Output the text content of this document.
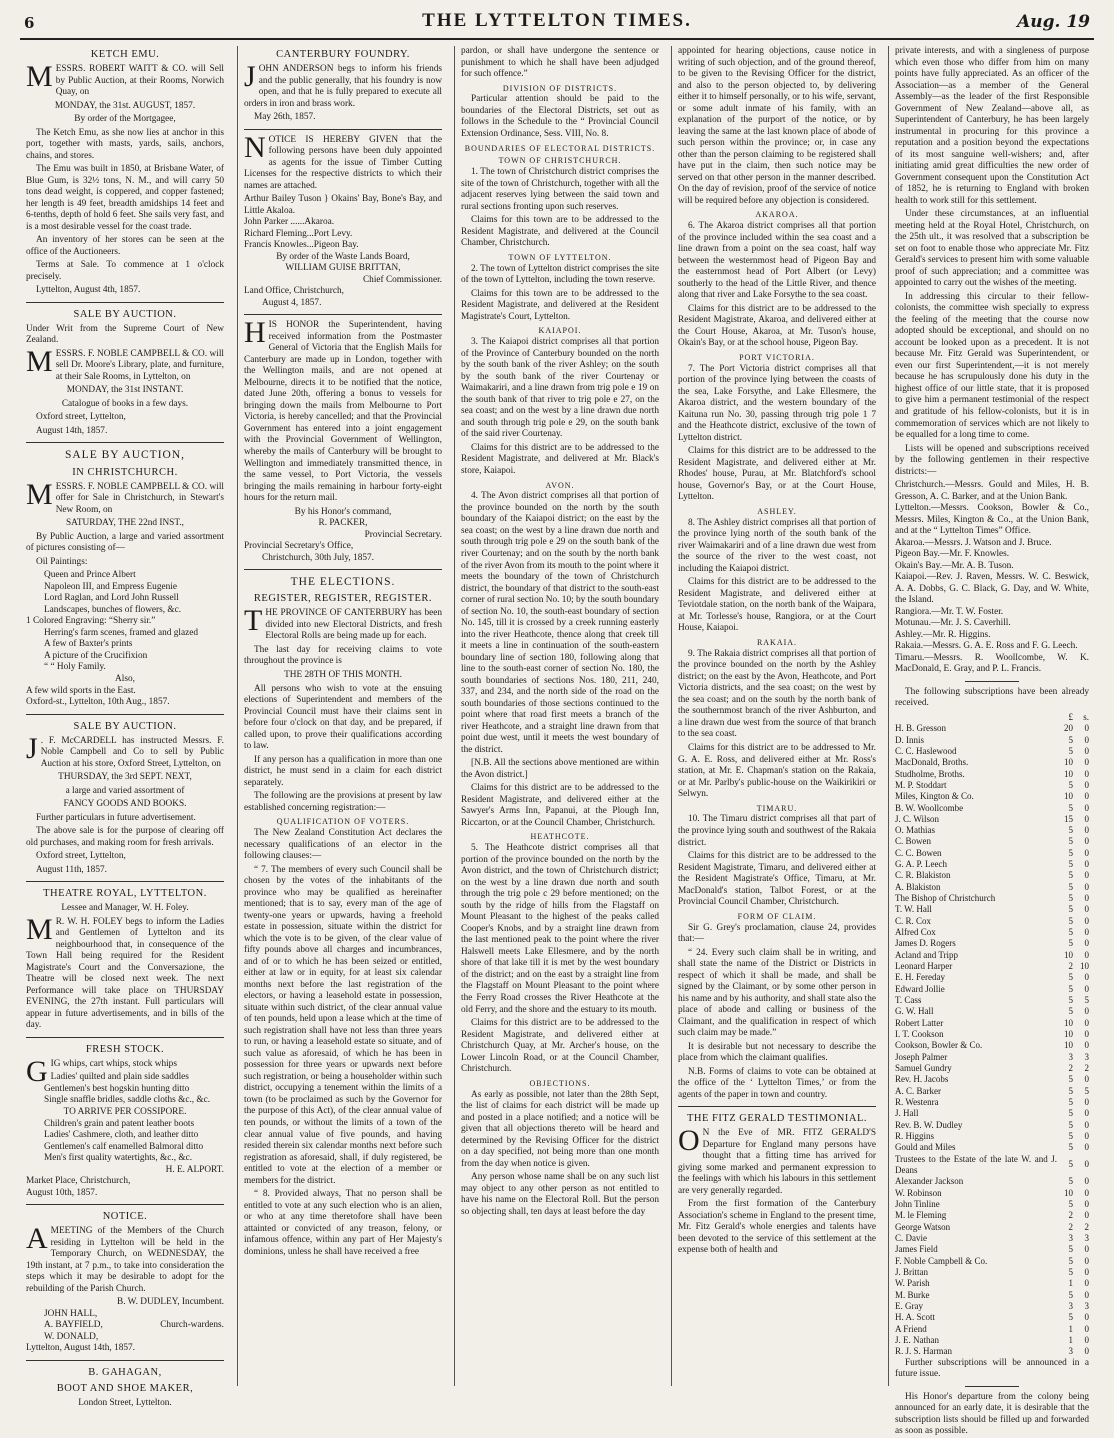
6	THE LYTTELTON TIMES.	Aug. 19
KETCH EMU.

MESSRS. ROBERT WAITT & CO. will Sell by Public Auction, at their Rooms, Norwich Quay, on

MONDAY, the 31st. AUGUST, 1857.

By order of the Mortgagee,

The Ketch Emu, as she now lies at anchor in this port, together with masts, yards, sails, anchors, chains, and stores.

The Emu was built in 1850, at Brisbane Water, of Blue Gum, is 32½ tons, N. M., and will carry 50 tons dead weight, is coppered, and copper fastened; her length is 49 feet, breadth amidships 14 feet and 6-tenths, depth of hold 6 feet. She sails very fast, and is a most desirable vessel for the coast trade.

An inventory of her stores can be seen at the office of the Auctioneers.

Terms at Sale. To commence at 1 o'clock precisely.

Lyttelton, August 4th, 1857.

SALE BY AUCTION.

Under Writ from the Supreme Court of New Zealand.

MESSRS. F. NOBLE CAMPBELL & CO. will sell Dr. Moore's Library, plate, and furniture, at their Sale Rooms, in Lyttelton, on

MONDAY, the 31st INSTANT.

Catalogue of books in a few days.

Oxford street, Lyttelton,

August 14th, 1857.

SALE BY AUCTION,
IN CHRISTCHURCH.

MESSRS. F. NOBLE CAMPBELL & CO. will offer for Sale in Christchurch, in Stewart's New Room, on

SATURDAY, THE 22nd INST.,

By Public Auction, a large and varied assortment of pictures consisting of—

Oil Paintings:

Queen and Prince Albert

Napoleon III, and Empress Eugenie

Lord Raglan, and Lord John Russell

Landscapes, bunches of flowers, &c.

1 Colored Engraving: “Sherry sir.”

Herring's farm scenes, framed and glazed

A few of Baxter's prints

A picture of the Crucifixion

“ “ Holy Family.

Also,

A few wild sports in the East.

Oxford-st., Lyttelton, 10th Aug., 1857.

SALE BY AUCTION.

J . F. McCARDELL has instructed Messrs. F. Noble Campbell and Co to sell by Public Auction at his store, Oxford Street, Lyttelton, on

THURSDAY, the 3rd SEPT. NEXT,

a large and varied assortment of

FANCY GOODS AND BOOKS.

Further particulars in future advertisement.

The above sale is for the purpose of clearing off old purchases, and making room for fresh arrivals.

Oxford street, Lyttelton,

August 11th, 1857.

THEATRE ROYAL, LYTTELTON.

Lessee and Manager, W. H. Foley.

M R. W. H. FOLEY begs to inform the Ladies and Gentlemen of Lyttelton and its neighbourhood that, in consequence of the Town Hall being required for the Resident Magistrate's Court and the Conversazione, the Theatre will be closed next week. The next Performance will take place on THURSDAY EVENING, the 27th instant. Full particulars will appear in future advertisements, and in bills of the day.

FRESH STOCK.

GIG whips, cart whips, stock whips

Ladies' quilted and plain side saddles

Gentlemen's best hogskin hunting ditto

Single snaffle bridles, saddle cloths &c., &c.

TO ARRIVE PER COSSIPORE.

Children's grain and patent leather boots

Ladies' Cashmere, cloth, and leather ditto

Gentlemen's calf enamelled Balmoral ditto

Men's first quality watertights, &c., &c.

H. E. ALPORT.

Market Place, Christchurch,

August 10th, 1857.

NOTICE.

A MEETING of the Members of the Church residing in Lyttelton will be held in the Temporary Church, on WEDNESDAY, the 19th instant, at 7 p.m., to take into consideration the steps which it may be desirable to adopt for the rebuilding of the Parish Church.

B. W. DUDLEY, Incumbent.

JOHN HALL,

A. BAYFIELD,	Church-wardens.

W. DONALD,

Lyttelton, August 14th, 1857.

B. GAHAGAN,
BOOT AND SHOE MAKER,

London Street, Lyttelton.

CANTERBURY FOUNDRY.

JOHN ANDERSON begs to inform his friends and the public generally, that his foundry is now open, and that he is fully prepared to execute all orders in iron and brass work.

May 26th, 1857.

NOTICE IS HEREBY GIVEN that the following persons have been duly appointed as agents for the issue of Timber Cutting Licenses for the respective districts to which their names are attached.

Arthur Bailey Tuson } Okains' Bay, Bone's Bay, and Little Akaloa.

John Parker ......Akaroa.

Richard Fleming...Port Levy.

Francis Knowles...Pigeon Bay.

By order of the Waste Lands Board,

WILLIAM GUISE BRITTAN,

Chief Commissioner.

Land Office, Christchurch,

August 4, 1857.

HIS HONOR the Superintendent, having received information from the Postmaster General of Victoria that the English Mails for Canterbury are made up in London, together with the Wellington mails, and are not opened at Melbourne, directs it to be notified that the notice, dated June 20th, offering a bonus to vessels for bringing down the mails from Melbourne to Port Victoria, is hereby cancelled; and that the Provincial Government has entered into a joint engagement with the Provincial Government of Wellington, whereby the mails of Canterbury will be brought to Wellington and immediately transmitted thence, in the same vessel, to Port Victoria, the vessels bringing the mails remaining in harbour forty-eight hours for the return mail.

By his Honor's command,

R. PACKER,

Provincial Secretary.

Provincial Secretary's Office,

Christchurch, 30th July, 1857.

THE ELECTIONS.
REGISTER, REGISTER, REGISTER.

THE PROVINCE OF CANTERBURY has been divided into new Electoral Districts, and fresh Electoral Rolls are being made up for each.

The last day for receiving claims to vote throughout the province is

THE 28TH OF THIS MONTH.

All persons who wish to vote at the ensuing elections of Superintendent and members of the Provincial Council must have their claims sent in before four o'clock on that day, and be prepared, if called upon, to prove their qualifications according to law.

If any person has a qualification in more than one district, he must send in a claim for each district separately.

The following are the provisions at present by law established concerning registration:—

QUALIFICATION OF VOTERS.

The New Zealand Constitution Act declares the necessary qualifications of an elector in the following clauses:—

“ 7. The members of every such Council shall be chosen by the votes of the inhabitants of the province who may be qualified as hereinafter mentioned; that is to say, every man of the age of twenty-one years or upwards, having a freehold estate in possession, situate within the district for which the vote is to be given, of the clear value of fifty pounds above all charges and incumbrances, and of or to which he has been seized or entitled, either at law or in equity, for at least six calendar months next before the last registration of the electors, or having a leasehold estate in possession, situate within such district, of the clear annual value of ten pounds, held upon a lease which at the time of such registration shall have not less than three years to run, or having a leasehold estate so situate, and of such value as aforesaid, of which he has been in possession for three years or upwards next before such registration, or being a householder within such district, occupying a tenement within the limits of a town (to be proclaimed as such by the Governor for the purpose of this Act), of the clear annual value of ten pounds, or without the limits of a town of the clear annual value of five pounds, and having resided therein six calendar months next before such registration as aforesaid, shall, if duly registered, be entitled to vote at the election of a member or members for the district.

“ 8. Provided always, That no person shall be entitled to vote at any such election who is an alien, or who at any time theretofore shall have been attainted or convicted of any treason, felony, or infamous offence, within any part of Her Majesty's dominions, unless he shall have received a free

pardon, or shall have undergone the sentence or punishment to which he shall have been adjudged for such offence.”

DIVISION OF DISTRICTS.

Particular attention should be paid to the boundaries of the Electoral Districts, set out as follows in the Schedule to the “ Provincial Council Extension Ordinance, Sess. VIII, No. 8.

BOUNDARIES OF ELECTORAL DISTRICTS.
TOWN OF CHRISTCHURCH.

1. The town of Christchurch district comprises the site of the town of Christchurch, together with all the adjacent reserves lying between the said town and rural sections fronting upon such reserves.

Claims for this town are to be addressed to the Resident Magistrate, and delivered at the Council Chamber, Christchurch.

TOWN OF LYTTELTON.

2. The town of Lyttelton district comprises the site of the town of Lyttelton, including the town reserve.

Claims for this town are to be addressed to the Resident Magistrate, and delivered at the Resident Magistrate's Court, Lyttelton.

KAIAPOI.

3. The Kaiapoi district comprises all that portion of the Province of Canterbury bounded on the north by the south bank of the river Ashley; on the south by the south bank of the river Courtenay or Waimakariri, and a line drawn from trig pole e 19 on the south bank of that river to trig pole e 27, on the sea coast; and on the west by a line drawn due north and south through trig pole e 29, on the south bank of the said river Courtenay.

Claims for this district are to be addressed to the Resident Magistrate, and delivered at Mr. Black's store, Kaiapoi.

AVON.

4. The Avon district comprises all that portion of the province bounded on the north by the south boundary of the Kaiapoi district; on the east by the sea coast; on the west by a line drawn due north and south through trig pole e 29 on the south bank of the river Courtenay; and on the south by the north bank of the river Avon from its mouth to the point where it meets the boundary of the town of Christchurch district, the boundary of that district to the south-east corner of rural section No. 10; by the south boundary of section No. 10, the south-east boundary of section No. 145, till it is crossed by a creek running easterly into the river Heathcote, thence along that creek till it meets a line in continuation of the south-eastern boundary line of section 180, following along that line to the south-east corner of section No. 180, the south boundaries of sections Nos. 180, 211, 240, 337, and 234, and the north side of the road on the south boundaries of those sections continued to the point where that road first meets a branch of the river Heathcote, and a straight line drawn from that point due west, until it meets the west boundary of the district.

[N.B. All the sections above mentioned are within the Avon district.]

Claims for this district are to be addressed to the Resident Magistrate, and delivered either at the Sawyer's Arms Inn, Papanui, at the Plough Inn, Riccarton, or at the Council Chamber, Christchurch.

HEATHCOTE.

5. The Heathcote district comprises all that portion of the province bounded on the north by the Avon district, and the town of Christchurch district; on the west by a line drawn due north and south through the trig pole c 29 before mentioned; on the south by the ridge of hills from the Flagstaff on Mount Pleasant to the highest of the peaks called Cooper's Knobs, and by a straight line drawn from the last mentioned peak to the point where the river Halswell meets Lake Ellesmere, and by the north shore of that lake till it is met by the west boundary of the district; and on the east by a straight line from the Flagstaff on Mount Pleasant to the point where the Ferry Road crosses the River Heathcote at the old Ferry, and the shore and the estuary to its mouth.

Claims for this district are to be addressed to the Resident Magistrate, and delivered either at Christchurch Quay, at Mr. Archer's house, on the Lower Lincoln Road, or at the Council Chamber, Christchurch.

OBJECTIONS.

As early as possible, not later than the 28th Sept, the list of claims for each district will be made up and posted in a place notified; and a notice will be given that all objections thereto will be heard and determined by the Revising Officer for the district on a day specified, not being more than one month from the day when notice is given.

Any person whose name shall be on any such list may object to any other person as not entitled to have his name on the Electoral Roll. But the person so objecting shall, ten days at least before the day

appointed for hearing objections, cause notice in writing of such objection, and of the ground thereof, to be given to the Revising Officer for the district, and also to the person objected to, by delivering either it to himself personally, or to his wife, servant, or some adult inmate of his family, with an explanation of the purport of the notice, or by leaving the same at the last known place of abode of such person within the province; or, in case any other than the person claiming to be registered shall have put in the claim, then such notice may be served on that other person in the manner described. On the day of revision, proof of the service of notice will be required before any objection is considered.

AKAROA.

6. The Akaroa district comprises all that portion of the province included within the sea coast and a line drawn from a point on the sea coast, half way between the westernmost head of Pigeon Bay and the easternmost head of Port Albert (or Levy) southerly to the head of the Little River, and thence along that river and Lake Forsythe to the sea coast.

Claims for this district are to be addressed to the Resident Magistrate, Akaroa, and delivered either at the Court House, Akaroa, at Mr. Tuson's house, Okain's Bay, or at the school house, Pigeon Bay.

PORT VICTORIA.

7. The Port Victoria district comprises all that portion of the province lying between the coasts of the sea, Lake Forsythe, and Lake Ellesmere, the Akaroa district, and the western boundary of the Kaituna run No. 30, passing through trig pole 1 7 and the Heathcote district, exclusive of the town of Lyttelton district.

Claims for this district are to be addressed to the Resident Magistrate, and delivered either at Mr. Rhodes' house, Purau, at Mr. Blatchford's school house, Governor's Bay, or at the Court House, Lyttelton.

ASHLEY.

8. The Ashley district comprises all that portion of the province lying north of the south bank of the river Waimakariri and of a line drawn due west from the source of the river to the west coast, not including the Kaiapoi district.

Claims for this district are to be addressed to the Resident Magistrate, and delivered either at Teviotdale station, on the north bank of the Waipara, at Mr. Torlesse's house, Rangiora, or at the Court House, Kaiapoi.

RAKAIA.

9. The Rakaia district comprises all that portion of the province bounded on the north by the Ashley district; on the east by the Avon, Heathcote, and Port Victoria districts, and the sea coast; on the west by the sea coast; and on the south by the north bank of the southernmost branch of the river Ashburton, and a line drawn due west from the source of that branch to the sea coast.

Claims for this district are to be addressed to Mr. G. A. E. Ross, and delivered either at Mr. Ross's station, at Mr. E. Chapman's station on the Rakaia, or at Mr. Parlby's public-house on the Waikirikiri or Selwyn.

TIMARU.

10. The Timaru district comprises all that part of the province lying south and southwest of the Rakaia district.

Claims for this district are to be addressed to the Resident Magistrate, Timaru, and delivered either at the Resident Magistrate's Office, Timaru, at Mr. MacDonald's station, Talbot Forest, or at the Provincial Council Chamber, Christchurch.

FORM OF CLAIM.

Sir G. Grey's proclamation, clause 24, provides that:—

“ 24. Every such claim shall be in writing, and shall state the name of the District or Districts in respect of which it shall be made, and shall be signed by the Claimant, or by some other person in his name and by his authority, and shall state also the place of abode and calling or business of the Claimant, and the qualification in respect of which such claim may be made.”

It is desirable but not necessary to describe the place from which the claimant qualifies.

N.B. Forms of claims to vote can be obtained at the office of the ‘ Lyttelton Times,’ or from the agents of the paper in town and country.

THE FITZ GERALD TESTIMONIAL.

O N the Eve of MR. FITZ GERALD'S Departure for England many persons have thought that a fitting time has arrived for giving some marked and permanent expression to the feelings with which his labours in this settlement are very generally regarded.

From the first formation of the Canterbury Association's scheme in England to the present time, Mr. Fitz Gerald's whole energies and talents have been devoted to the service of this settlement at the expense both of health and

private interests, and with a singleness of purpose which even those who differ from him on many points have fully appreciated. As an officer of the Association—as a member of the General Assembly—as the leader of the first Responsible Government of New Zealand—above all, as Superintendent of Canterbury, he has been largely instrumental in procuring for this province a reputation and a position beyond the expectations of its most sanguine well-wishers; and, after initiating amid great difficulties the new order of Government consequent upon the Constitution Act of 1852, he is returning to England with broken health to work still for this settlement.

Under these circumstances, at an influential meeting held at the Royal Hotel, Christchurch, on the 25th ult., it was resolved that a subscription be set on foot to enable those who appreciate Mr. Fitz Gerald's services to present him with some valuable proof of such appreciation; and a committee was appointed to carry out the wishes of the meeting.

In addressing this circular to their fellow-colonists, the committee wish specially to express the feeling of the meeting that the course now adopted should be exceptional, and should on no account be looked upon as a precedent. It is not because Mr. Fitz Gerald was Superintendent, or even our first Superintendent,—it is not merely because he has scrupulously done his duty in the highest office of our little state, that it is proposed to give him a permanent testimonial of the respect and gratitude of his fellow-colonists, but it is in commemoration of services which are not likely to be equalled for a long time to come.

Lists will be opened and subscriptions received by the following gentlemen in their respective districts:—

Christchurch.—Messrs. Gould and Miles, H. B. Gresson, A. C. Barker, and at the Union Bank.

Lyttelton.—Messrs. Cookson, Bowler & Co., Messrs. Miles, Kington & Co., at the Union Bank, and at the “ Lyttelton Times” Office.

Akaroa.—Messrs. J. Watson and J. Bruce.

Pigeon Bay.—Mr. F. Knowles.

Okain's Bay.—Mr. A. B. Tuson.

Kaiapoi.—Rev. J. Raven, Messrs. W. C. Beswick, A. A. Dobbs, G. C. Black, G. Day, and W. White, the Island.

Rangiora.—Mr. T. W. Foster.

Motunau.—Mr. J. S. Caverhill.

Ashley.—Mr. R. Higgins.

Rakaia.—Messrs. G. A. E. Ross and F. G. Leech.

Timaru.—Messrs. R. Woollcombe, W. K. MacDonald, E. Gray, and P. L. Francis.

The following subscriptions have been already received.

	£	s.
H. B. Gresson	20	0
D. Innis	5	0
C. C. Haslewood	5	0
MacDonald, Broths.	10	0
Studholme, Broths.	10	0
M. P. Stoddart	5	0
Miles, Kington & Co.	10	0
B. W. Woollcombe	5	0
J. C. Wilson	15	0
O. Mathias	5	0
C. Bowen	5	0
C. C. Bowen	5	0
G. A. P. Leech	5	0
C. R. Blakiston	5	0
A. Blakiston	5	0
The Bishop of Christchurch	5	0
T. W. Hall	5	0
C. R. Cox	5	0
Alfred Cox	5	0
James D. Rogers	5	0
Acland and Tripp	10	0
Leonard Harper	2	10
E. H. Fereday	5	0
Edward Jollie	5	0
T. Cass	5	5
G. W. Hall	5	0
Robert Latter	10	0
I. T. Cookson	10	0
Cookson, Bowler & Co.	10	0
Joseph Palmer	3	3
Samuel Gundry	2	2
Rev. H. Jacobs	5	0
A. C. Barker	5	5
R. Westenra	5	0
J. Hall	5	0
Rev. B. W. Dudley	5	0
R. Higgins	5	0
Gould and Miles	5	0
Trustees to the Estate of the late W. and J. Deans	5	0
Alexander Jackson	5	0
W. Robinson	10	0
John Tinline	5	0
M. le Fleming	2	0
George Watson	2	2
C. Davie	3	3
James Field	5	0
F. Noble Campbell & Co.	5	0
J. Brittan	5	0
W. Parish	1	0
M. Burke	5	0
E. Gray	3	3
H. A. Scott	5	0
A Friend	1	0
J. E. Nathan	1	0
R. J. S. Harman	3	0

Further subscriptions will be announced in a future issue.

His Honor's departure from the colony being announced for an early date, it is desirable that the subscription lists should be filled up and forwarded as soon as possible.
